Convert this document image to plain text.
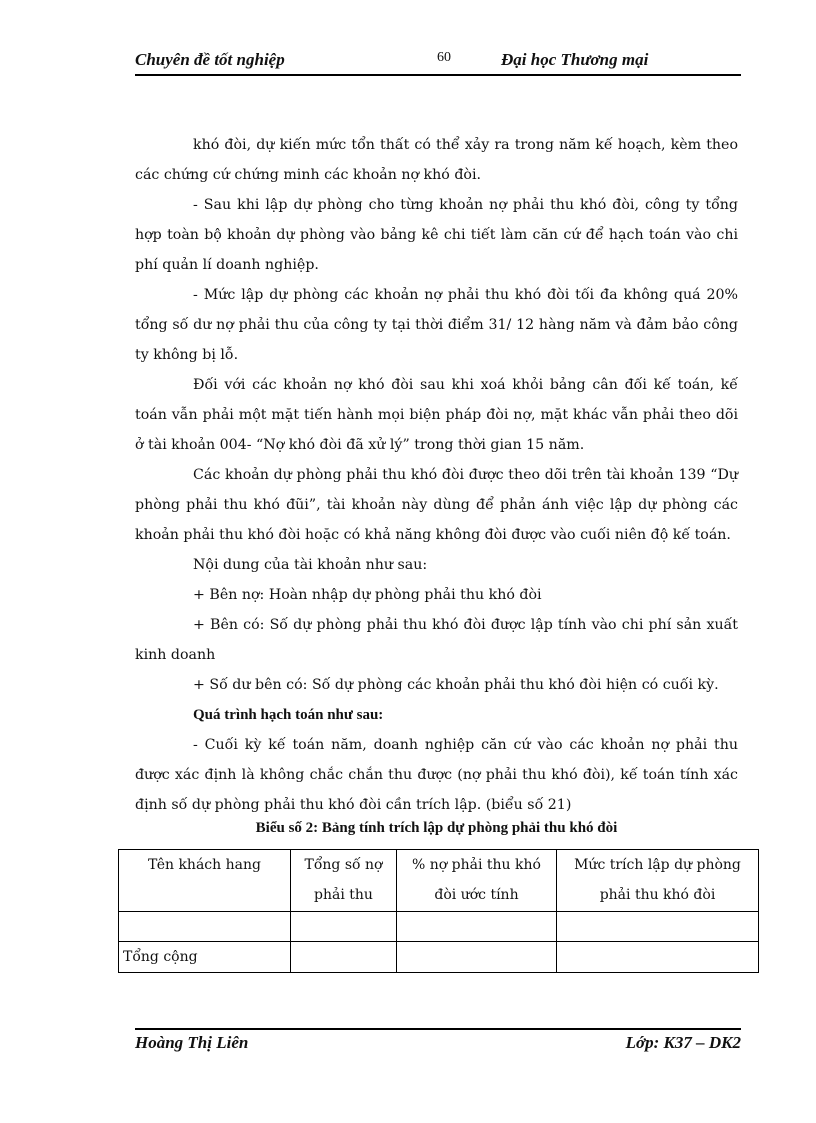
Chuyên đề tốt nghiệp	60	Đại học Thương mại

khó đòi, dự kiến mức tổn thất có thể xảy ra trong năm kế hoạch, kèm theo các chứng cứ chứng minh các khoản nợ khó đòi.

- Sau khi lập dự phòng cho từng khoản nợ phải thu khó đòi, công ty tổng hợp toàn bộ khoản dự phòng vào bảng kê chi tiết làm căn cứ để hạch toán vào chi phí quản lí doanh nghiệp.

- Mức lập dự phòng các khoản nợ phải thu khó đòi tối đa không quá 20% tổng số dư nợ phải thu của công ty tại thời điểm 31/ 12 hàng năm và đảm bảo công ty không bị lỗ.

Đối với các khoản nợ khó đòi sau khi xoá khỏi bảng cân đối kế toán, kế toán vẫn phải một mặt tiến hành mọi biện pháp đòi nợ, mặt khác vẫn phải theo dõi ở tài khoản 004- “Nợ khó đòi đã xử lý” trong thời gian 15 năm.

Các khoản dự phòng phải thu khó đòi được theo dõi trên tài khoản 139 “Dự phòng phải thu khó đũi”, tài khoản này dùng để phản ánh việc lập dự phòng các khoản phải thu khó đòi hoặc có khả năng không đòi được vào cuối niên độ kế toán.

Nội dung của tài khoản như sau:

+ Bên nợ: Hoàn nhập dự phòng phải thu khó đòi

+ Bên có: Số dự phòng phải thu khó đòi được lập tính vào chi phí sản xuất kinh doanh

+ Số dư bên có: Số dự phòng các khoản phải thu khó đòi hiện có cuối kỳ.

Quá trình hạch toán như sau:

- Cuối kỳ kế toán năm, doanh nghiệp căn cứ vào các khoản nợ phải thu được xác định là không chắc chắn thu được (nợ phải thu khó đòi), kế toán tính xác định số dự phòng phải thu khó đòi cần trích lập. (biểu số 21)

Biểu số 2: Bảng tính trích lập dự phòng phải thu khó đòi
Tên khách hang	Tổng số nợ phải thu	% nợ phải thu khó đòi ước tính	Mức trích lập dự phòng phải thu khó đòi

Tổng cộng			
Hoàng Thị Liên	Lớp: K37 – DK2
